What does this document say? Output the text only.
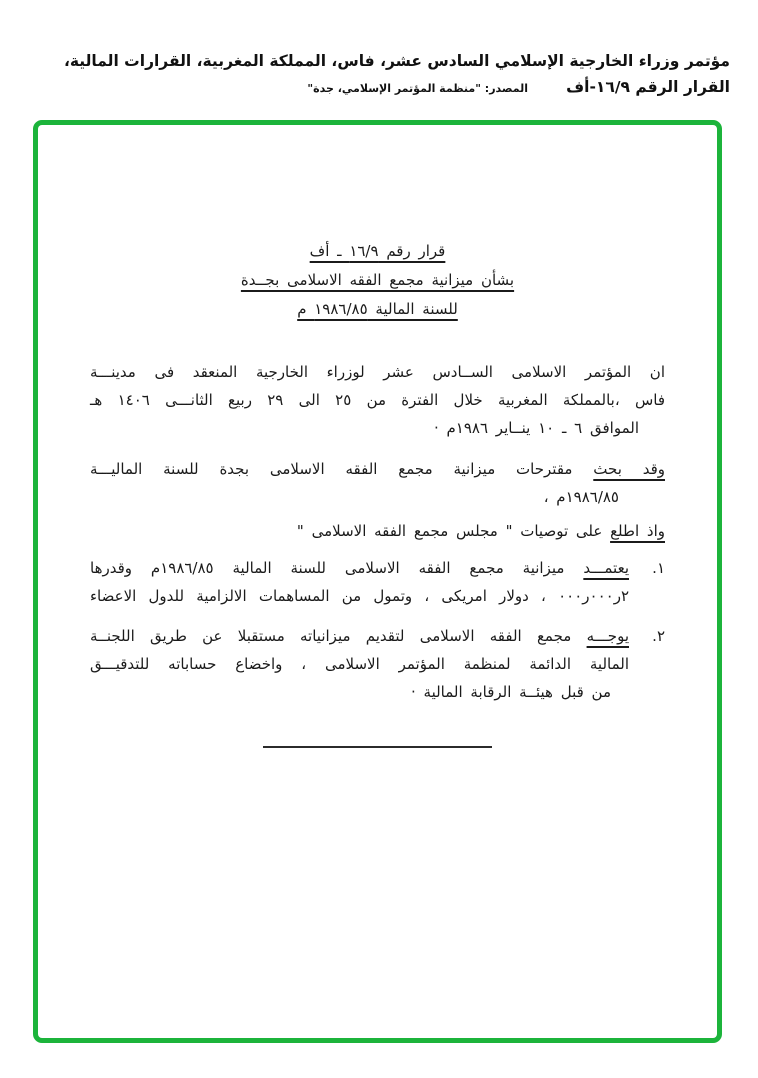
مؤتمر وزراء الخارجية الإسلامي السادس عشر، فاس، المملكة المغربية، القرارات المالية، القرار الرقم ١٦/٩-أف
المصدر: "منظمة المؤتمر الإسلامي، جدة"
قرار رقم ١٦/٩ ـ أف
بشأن ميزانية مجمع الفقه الاسلامى بجــدة
للسنة المالية ١٩٨٦/٨٥ م
ان المؤتمر الاسلامى الســادس عشر لوزراء الخارجية المنعقد فى مدينـــة
فاس ،بالمملكة المغربية خلال الفترة من ٢٥ الى ٢٩ ربيع الثانـــى ١٤٠٦ هـ
الموافق ٦ ـ ١٠ ينــاير ١٩٨٦م ·
وقد بحث مقترحات ميزانية مجمع الفقه الاسلامى بجدة للسنة الماليـــة
١٩٨٦/٨٥م ،
واذ اطلع على توصيات " مجلس مجمع الفقه الاسلامى "
١.
يعتمـــد ميزانية مجمع الفقه الاسلامى للسنة المالية ١٩٨٦/٨٥م وقدرها
٢ر٠٠٠ر٠٠٠ ، دولار امريكى ، وتمول من المساهمات الالزامية للدول الاعضاء
٢.
يوجـــه مجمع الفقه الاسلامى لتقديم ميزانياته مستقبلا عن طريق اللجنــة
المالية الدائمة لمنظمة المؤتمر الاسلامى ، واخضاع حساباته للتدقيـــق
من قبل هيئــة الرقابة المالية ·
